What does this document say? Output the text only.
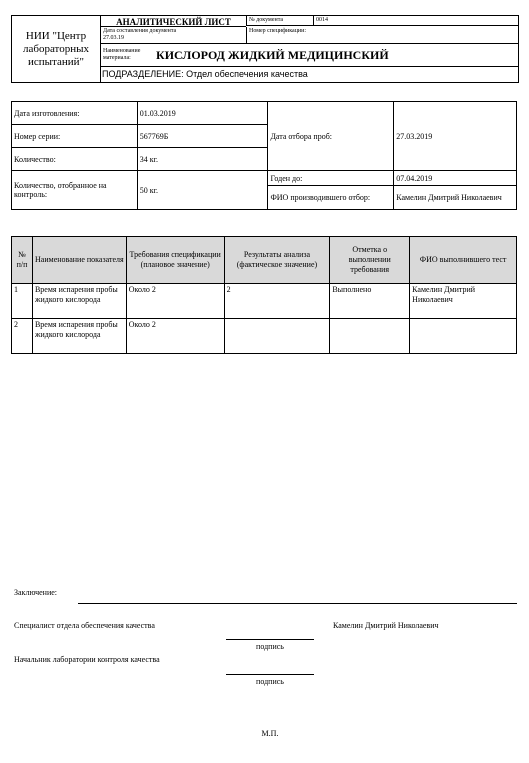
НИИ "Центр лабораторных испытаний"
АНАЛИТИЧЕСКИЙ ЛИСТ	№ документа	0014
Дата составления документа
27.03.19
Номер спецификации:
Наименование материала:	КИСЛОРОД ЖИДКИЙ МЕДИЦИНСКИЙ
ПОДРАЗДЕЛЕНИЕ: Отдел обеспечения качества
Дата изготовления:	01.03.2019	Дата отбора проб:	27.03.2019
Номер серии:	567769Б		
Количество:	34 кг.		
Количество, отобранное на контроль:	50 кг.	Годен до:	07.04.2019
		ФИО производившего отбор:	Камелин Дмитрий Николаевич
№ п/п	Наименование показателя	Требования спецификации (плановое значение)	Результаты анализа (фактическое значение)	Отметка о выполнении требования	ФИО выполнившего тест
1	Время испарения пробы жидкого кислорода	Около 2	2	Выполнено	Камелин Дмитрий Николаевич
2	Время испарения пробы жидкого кислорода	Около 2			
Заключение:
Специалист отдела обеспечения качества	Камелин Дмитрий Николаевич
подпись
Начальник лаборатории контроля качества
подпись
М.П.
